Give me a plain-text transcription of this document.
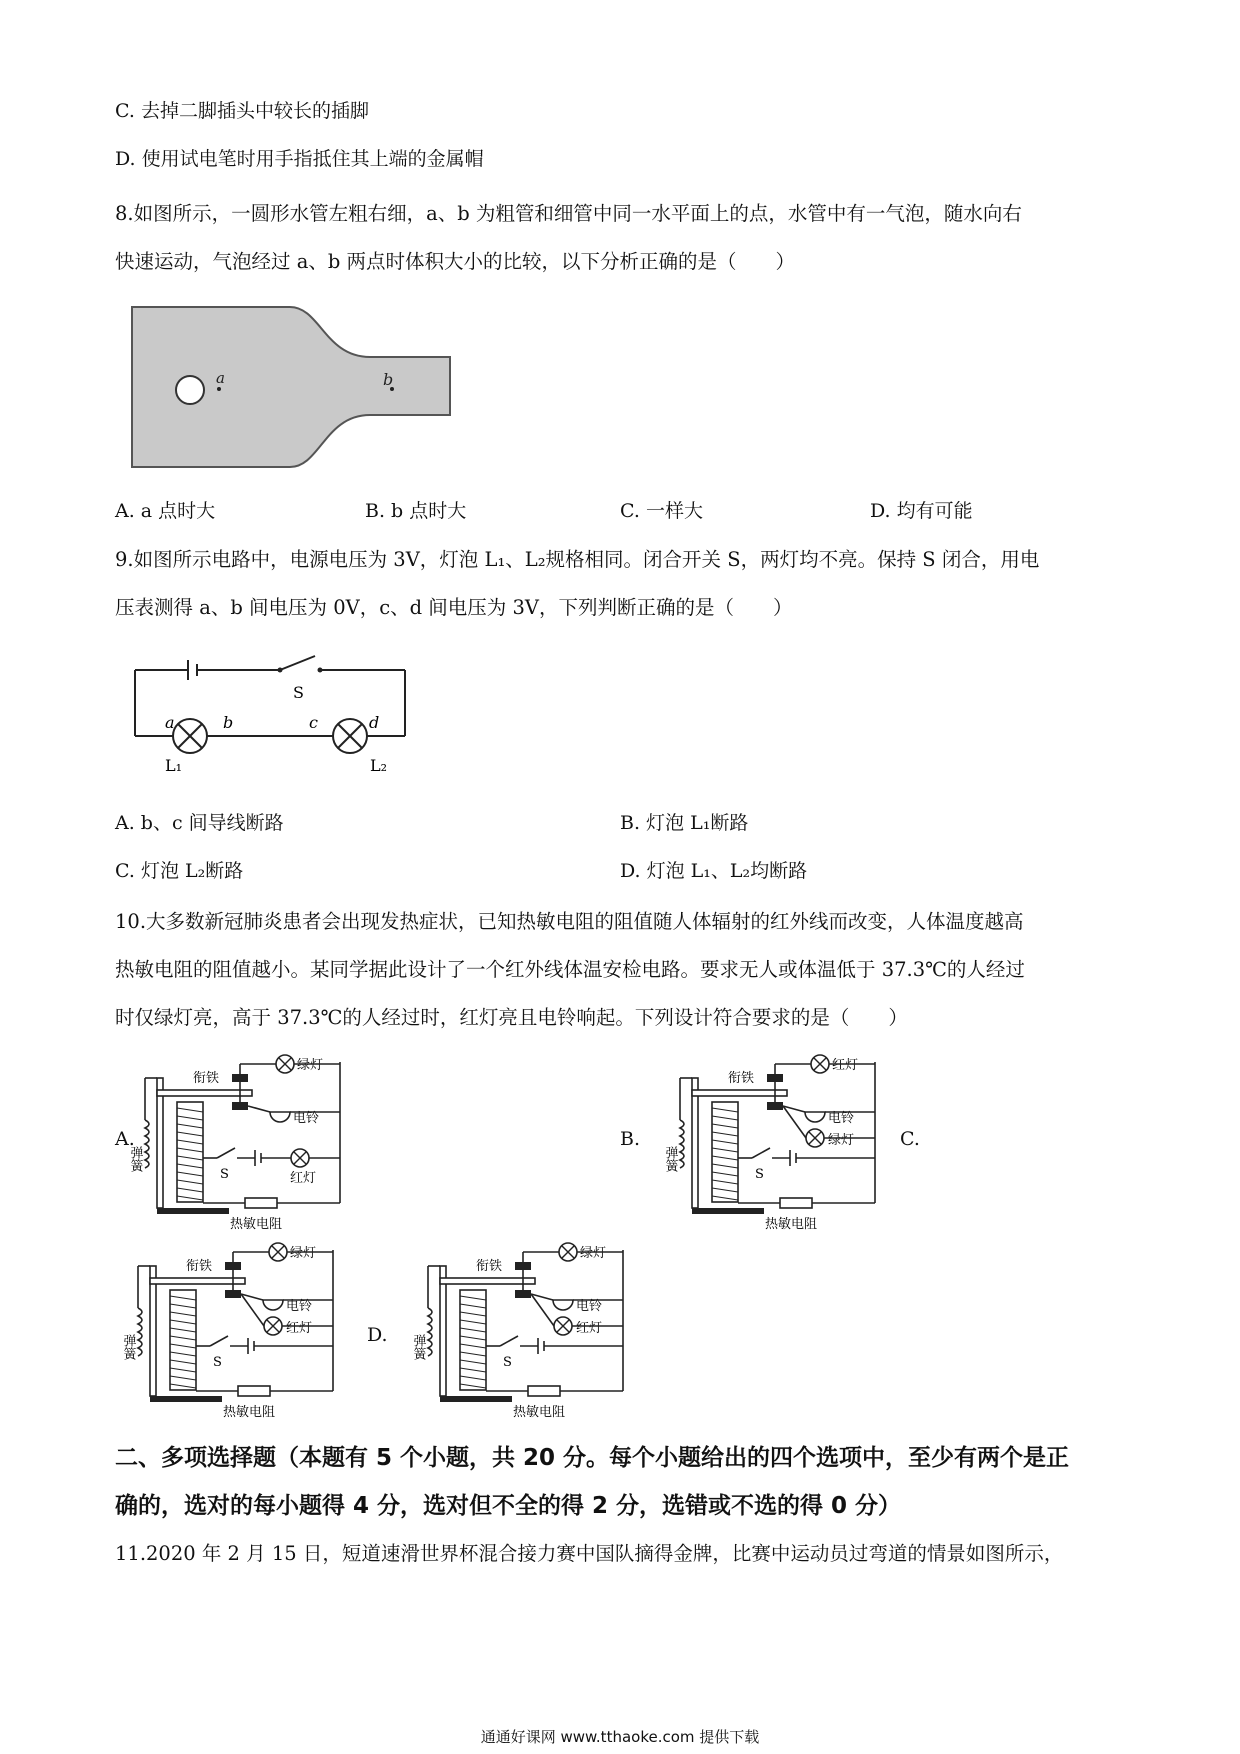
C. 去掉二脚插头中较长的插脚
D. 使用试电笔时用手指抵住其上端的金属帽
8.如图所示，一圆形水管左粗右细，a、b 为粗管和细管中同一水平面上的点，水管中有一气泡，随水向右
快速运动，气泡经过 a、b 两点时体积大小的比较，以下分析正确的是（　　）
a	b
A. a 点时大	B. b 点时大	C. 一样大	D. 均有可能
9.如图所示电路中，电源电压为 3V，灯泡 L₁、L₂规格相同。闭合开关 S，两灯均不亮。保持 S 闭合，用电
压表测得 a、b 间电压为 0V，c、d 间电压为 3V，下列判断正确的是（　　）
S
a	b	c	d
L₁	L₂
A. b、c 间导线断路	B. 灯泡 L₁断路
C. 灯泡 L₂断路	D. 灯泡 L₁、L₂均断路
10.大多数新冠肺炎患者会出现发热症状，已知热敏电阻的阻值随人体辐射的红外线而改变，人体温度越高
热敏电阻的阻值越小。某同学据此设计了一个红外线体温安检电路。要求无人或体温低于 37.3℃的人经过
时仅绿灯亮，高于 37.3℃的人经过时，红灯亮且电铃响起。下列设计符合要求的是（　　）
A.	B.	C.
D.
衔铁
弹簧
热敏电阻
S
绿灯
电铃
红灯
衔铁
弹簧
热敏电阻
S
红灯
电铃
绿灯
衔铁
弹簧
热敏电阻
S
绿灯
电铃
红灯
衔铁
弹簧
热敏电阻
S
绿灯
电铃
红灯
二、多项选择题（本题有 5 个小题，共 20 分。每个小题给出的四个选项中，至少有两个是正
确的，选对的每小题得 4 分，选对但不全的得 2 分，选错或不选的得 0 分）
11.2020 年 2 月 15 日，短道速滑世界杯混合接力赛中国队摘得金牌，比赛中运动员过弯道的情景如图所示，
通通好课网 www.tthaoke.com 提供下载
